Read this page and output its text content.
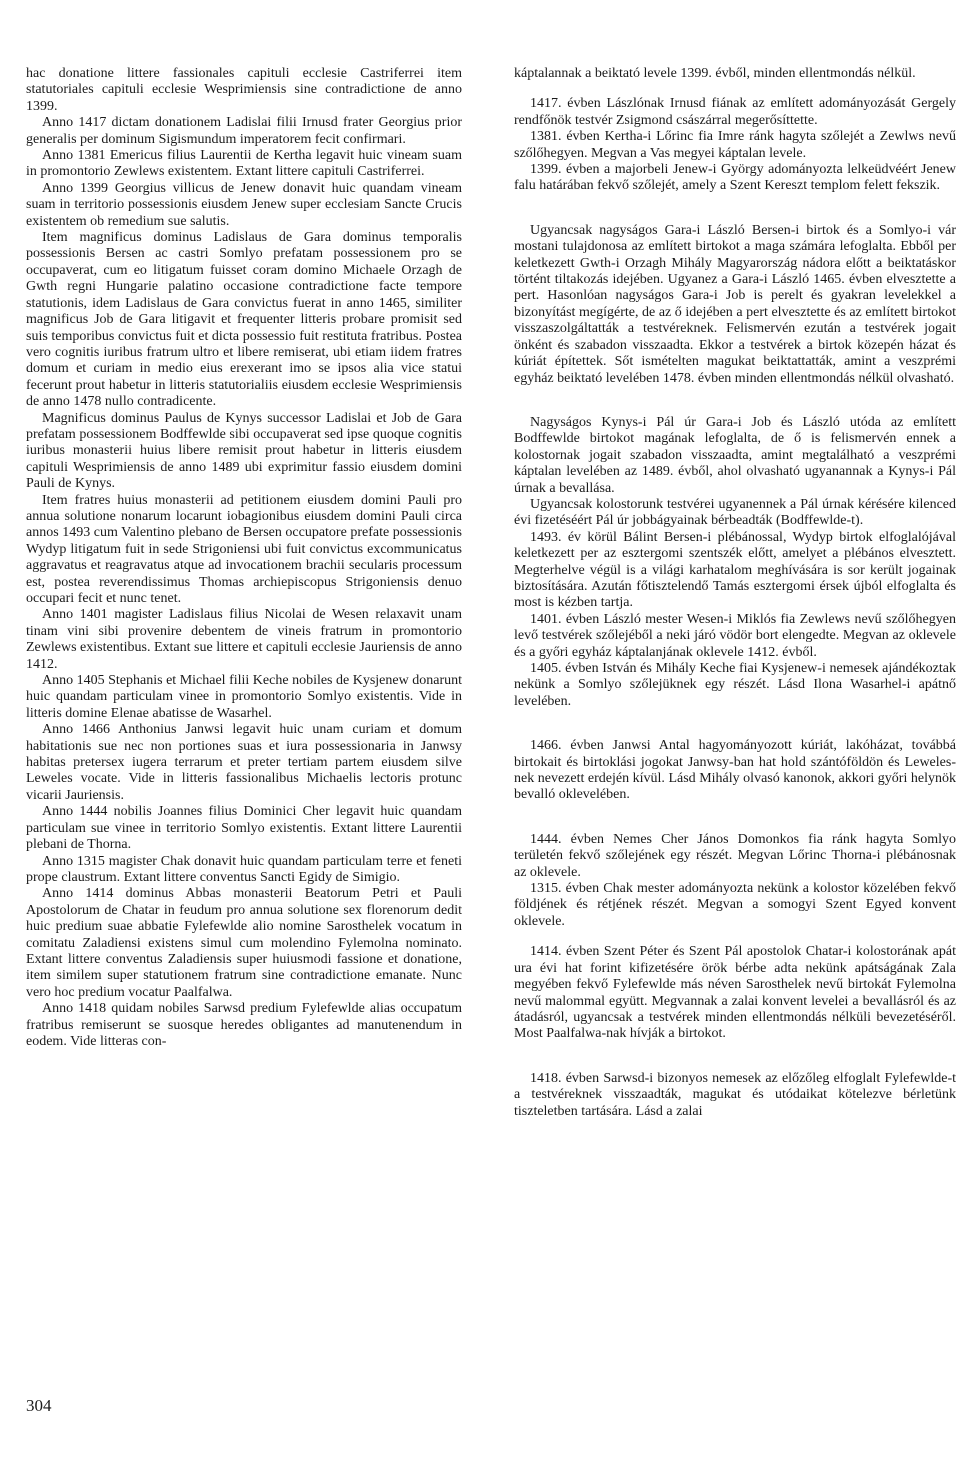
hac donatione littere fassionales capituli ecclesie Castriferrei item statutoriales capituli ecclesie Wesprimiensis sine contradictione de anno 1399.

Anno 1417 dictam donationem Ladislai filii Irnusd frater Georgius prior generalis per dominum Sigismundum imperatorem fecit confirmari.

Anno 1381 Emericus filius Laurentii de Kertha legavit huic vineam suam in promontorio Zewlews existentem. Extant littere capituli Castriferrei.

Anno 1399 Georgius villicus de Jenew donavit huic quandam vineam suam in territorio possessionis eiusdem Jenew super ecclesiam Sancte Crucis existentem ob remedium sue salutis.

Item magnificus dominus Ladislaus de Gara dominus temporalis possessionis Bersen ac castri Somlyo prefatam possessionem pro se occupaverat, cum eo litigatum fuisset coram domino Michaele Orzagh de Gwth regni Hungarie palatino occasione contradictione facte tempore statutionis, idem Ladislaus de Gara convictus fuerat in anno 1465, similiter magnificus Job de Gara litigavit et frequenter litteris probare promisit sed suis temporibus convictus fuit et dicta possessio fuit restituta fratribus. Postea vero cognitis iuribus fratrum ultro et libere remiserat, ubi etiam iidem fratres domum et curiam in medio eius erexerant imo se ipsos alia vice statui fecerunt prout habetur in litteris statutorialiis eiusdem ecclesie Wesprimiensis de anno 1478 nullo contradicente.

Magnificus dominus Paulus de Kynys successor Ladislai et Job de Gara prefatam possessionem Bodffewlde sibi occupaverat sed ipse quoque cognitis iuribus monasterii huius libere remisit prout habetur in litteris eiusdem capituli Wesprimiensis de anno 1489 ubi exprimitur fassio eiusdem domini Pauli de Kynys.

Item fratres huius monasterii ad petitionem eiusdem domini Pauli pro annua solutione nonarum locarunt iobagionibus eiusdem domini Pauli circa annos 1493 cum Valentino plebano de Bersen occupatore prefate possessionis Wydyp litigatum fuit in sede Strigoniensi ubi fuit convictus excommunicatus aggravatus et reagravatus atque ad invocationem brachii secularis processum est, postea reverendissimus Thomas archiepiscopus Strigoniensis denuo occupari fecit et nunc tenet.

Anno 1401 magister Ladislaus filius Nicolai de Wesen relaxavit unam tinam vini sibi provenire debentem de vineis fratrum in promontorio Zewlews existentibus. Extant sue littere et capituli ecclesie Jauriensis de anno 1412.

Anno 1405 Stephanis et Michael filii Keche nobiles de Kysjenew donarunt huic quandam particulam vinee in promontorio Somlyo existentis. Vide in litteris domine Elenae abatisse de Wasarhel.

Anno 1466 Anthonius Janwsi legavit huic unam curiam et domum habitationis sue nec non portiones suas et iura possessionaria in Janwsy habitas pretersex iugera terrarum et preter tertiam partem eiusdem silve Leweles vocate. Vide in litteris fassionalibus Michaelis lectoris protunc vicarii Jauriensis.

Anno 1444 nobilis Joannes filius Dominici Cher legavit huic quandam particulam sue vinee in territorio Somlyo existentis. Extant littere Laurentii plebani de Thorna.

Anno 1315 magister Chak donavit huic quandam particulam terre et feneti prope claustrum. Extant littere conventus Sancti Egidy de Simigio.

Anno 1414 dominus Abbas monasterii Beatorum Petri et Pauli Apostolorum de Chatar in feudum pro annua solutione sex florenorum dedit huic predium suae abbatie Fylefewlde alio nomine Sarosthelek vocatum in comitatu Zaladiensi existens simul cum molendino Fylemolna nominato. Extant littere conventus Zaladiensis super huiusmodi fassione et donatione, item similem super statutionem fratrum sine contradictione emanate. Nunc vero hoc predium vocatur Paalfalwa.

Anno 1418 quidam nobiles Sarwsd predium Fylefewlde alias occupatum fratribus remiserunt se suosque heredes obligantes ad manutenendum in eodem. Vide litteras con-

káptalannak a beiktató levele 1399. évből, minden ellentmondás nélkül.

1417. évben Lászlónak Irnusd fiának az említett adományozását Gergely rendfőnök testvér Zsigmond császárral megerősíttette.

1381. évben Kertha-i Lőrinc fia Imre ránk hagyta szőlejét a Zewlws nevű szőlőhegyen. Megvan a Vas megyei káptalan levele.

1399. évben a majorbeli Jenew-i György adományozta lelkeüdvéért Jenew falu határában fekvő szőlejét, amely a Szent Kereszt templom felett fekszik.

Ugyancsak nagyságos Gara-i László Bersen-i birtok és a Somlyo-i vár mostani tulajdonosa az említett birtokot a maga számára lefoglalta. Ebből per keletkezett Gwth-i Orzagh Mihály Magyarország nádora előtt a beiktatáskor történt tiltakozás idejében. Ugyanez a Gara-i László 1465. évben elvesztette a pert. Hasonlóan nagyságos Gara-i Job is perelt és gyakran levelekkel a bizonyítást megígérte, de az ő idejében a pert elvesztette és az említett birtokot visszaszolgáltatták a testvéreknek. Felismervén ezután a testvérek jogait önként és szabadon visszaadta. Ekkor a testvérek a birtok közepén házat és kúriát építettek. Sőt ismételten magukat beiktattatták, amint a veszprémi egyház beiktató levelében 1478. évben minden ellentmondás nélkül olvasható.

Nagyságos Kynys-i Pál úr Gara-i Job és László utóda az említett Bodffewlde birtokot magának lefoglalta, de ő is felismervén ennek a kolostornak jogait szabadon visszaadta, amint megtalálható a veszprémi káptalan levelében az 1489. évből, ahol olvasható ugyanannak a Kynys-i Pál úrnak a bevallása.

Ugyancsak kolostorunk testvérei ugyanennek a Pál úrnak kérésére kilenced évi fizetéséért Pál úr jobbágyainak bérbeadták (Bodffewlde-t).

1493. év körül Bálint Bersen-i plébánossal, Wydyp birtok elfoglalójával keletkezett per az esztergomi szentszék előtt, amelyet a plébános elvesztett. Megterhelve végül is a világi karhatalom meghívására is sor került jogainak biztosítására. Azután főtisztelendő Tamás esztergomi érsek újból elfoglalta és most is kézben tartja.

1401. évben László mester Wesen-i Miklós fia Zewlews nevű szőlőhegyen levő testvérek szőlejéből a neki járó vödör bort elengedte. Megvan az oklevele és a győri egyház káptalanjának oklevele 1412. évből.

1405. évben István és Mihály Keche fiai Kysjenew-i nemesek ajándékoztak nekünk a Somlyo szőlejüknek egy részét. Lásd Ilona Wasarhel-i apátnő levelében.

1466. évben Janwsi Antal hagyományozott kúriát, lakóházat, továbbá birtokait és birtoklási jogokat Janwsy-ban hat hold szántóföldön és Leweles-nek nevezett erdején kívül. Lásd Mihály olvasó kanonok, akkori győri helynök bevalló oklevelében.

1444. évben Nemes Cher János Domonkos fia ránk hagyta Somlyo területén fekvő szőlejének egy részét. Megvan Lőrinc Thorna-i plébánosnak az oklevele.

1315. évben Chak mester adományozta nekünk a kolostor közelében fekvő földjének és rétjének részét. Megvan a somogyi Szent Egyed konvent oklevele.

1414. évben Szent Péter és Szent Pál apostolok Chatar-i kolostorának apát ura évi hat forint kifizetésére örök bérbe adta nekünk apátságának Zala megyében fekvő Fylefewlde más néven Sarosthelek nevű birtokát Fylemolna nevű malommal együtt. Megvannak a zalai konvent levelei a bevallásról és az átadásról, ugyancsak a testvérek minden ellentmondás nélküli bevezetéséről. Most Paalfalwa-nak hívják a birtokot.

1418. évben Sarwsd-i bizonyos nemesek az előzőleg elfoglalt Fylefewlde-t a testvéreknek visszaadták, magukat és utódaikat kötelezve bérletünk tiszteletben tartására. Lásd a zalai

304
